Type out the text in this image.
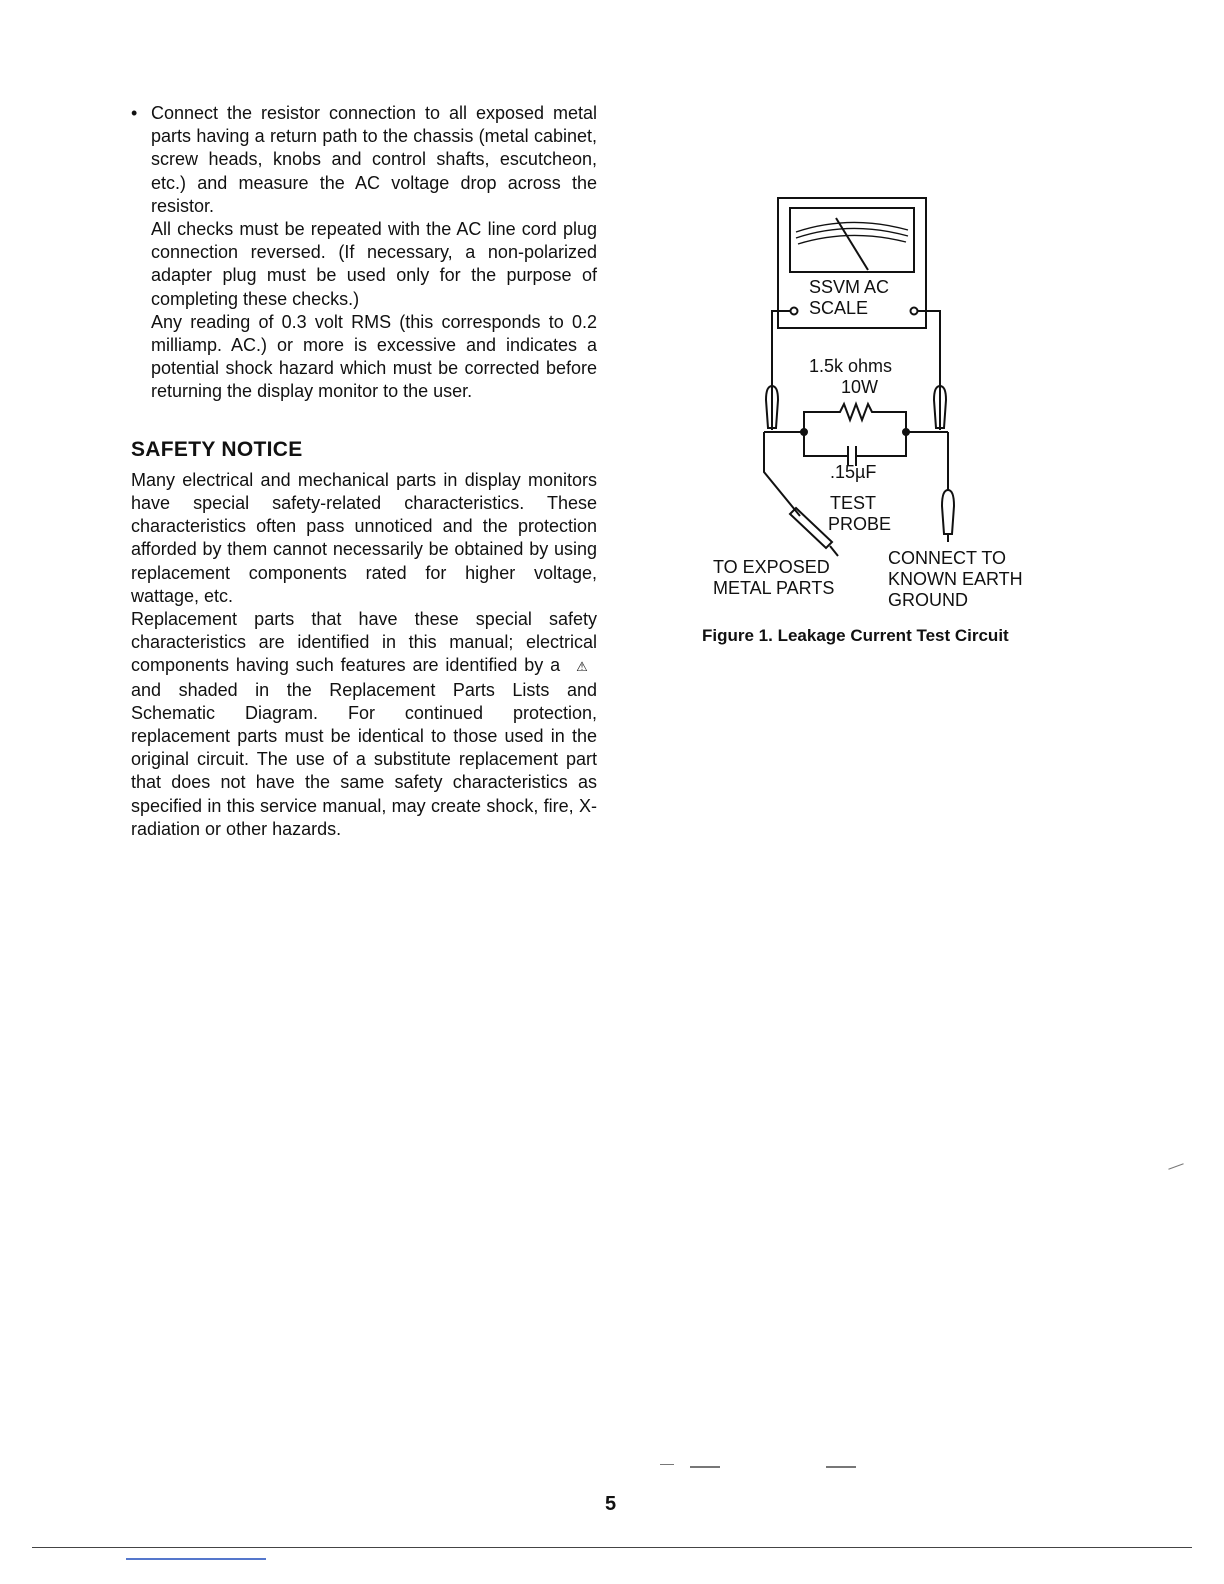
• Connect the resistor connection to all exposed metal parts having a return path to the chassis (metal cabinet, screw heads, knobs and control shafts, escutcheon, etc.) and measure the AC voltage drop across the resistor.

All checks must be repeated with the AC line cord plug connection reversed. (If necessary, a non-polarized adapter plug must be used only for the purpose of completing these checks.)

Any reading of 0.3 volt RMS (this corresponds to 0.2 milliamp. AC.) or more is excessive and indicates a potential shock hazard which must be corrected before returning the display monitor to the user.

SAFETY NOTICE

Many electrical and mechanical parts in display monitors have special safety-related characteristics. These characteristics often pass unnoticed and the protection afforded by them cannot necessarily be obtained by using replacement components rated for higher voltage, wattage, etc.

Replacement parts that have these special safety characteristics are identified in this manual; electrical components having such features are identified by a ⚠ and shaded in the Replacement Parts Lists and Schematic Diagram. For continued protection, replacement parts must be identical to those used in the original circuit. The use of a substitute replacement part that does not have the same safety characteristics as specified in this service manual, may create shock, fire, X-radiation or other hazards.

SSVM AC
SCALE
1.5k ohms
10W
.15µF
TEST
PROBE
TO EXPOSED
METAL PARTS
CONNECT TO
KNOWN EARTH
GROUND
Figure 1. Leakage Current Test Circuit
5
